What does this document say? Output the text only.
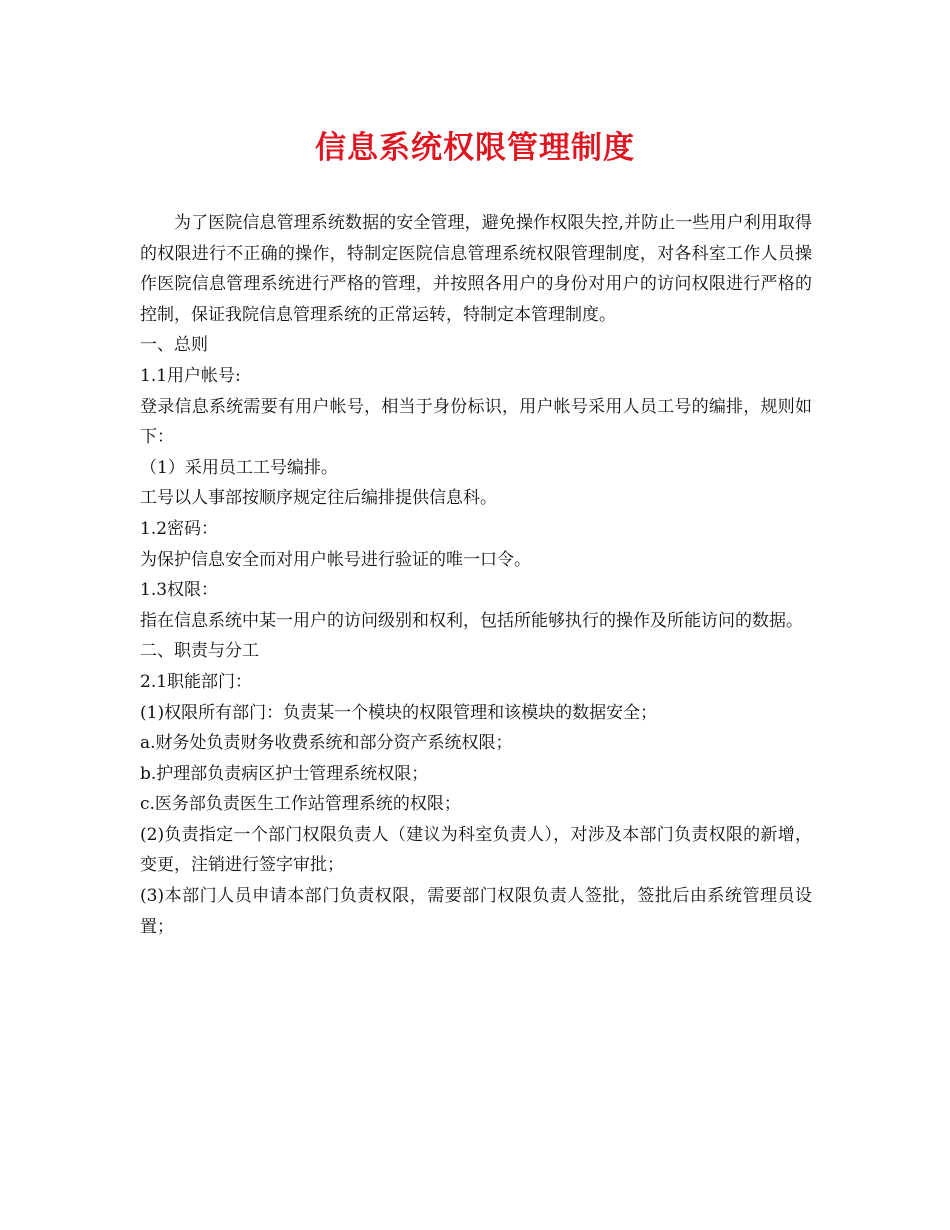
信息系统权限管理制度

为了医院信息管理系统数据的安全管理，避免操作权限失控,并防止一些用户利用取得的权限进行不正确的操作，特制定医院信息管理系统权限管理制度，对各科室工作人员操作医院信息管理系统进行严格的管理，并按照各用户的身份对用户的访问权限进行严格的控制，保证我院信息管理系统的正常运转，特制定本管理制度。

一、总则

1.1用户帐号:

登录信息系统需要有用户帐号，相当于身份标识，用户帐号采用人员工号的编排，规则如下：

（1）采用员工工号编排。

工号以人事部按顺序规定往后编排提供信息科。

1.2密码：

为保护信息安全而对用户帐号进行验证的唯一口令。

1.3权限：

指在信息系统中某一用户的访问级别和权利，包括所能够执行的操作及所能访问的数据。

二、职责与分工

2.1职能部门：

(1)权限所有部门：负责某一个模块的权限管理和该模块的数据安全；

a.财务处负责财务收费系统和部分资产系统权限；

b.护理部负责病区护士管理系统权限；

c.医务部负责医生工作站管理系统的权限；

(2)负责指定一个部门权限负责人（建议为科室负责人），对涉及本部门负责权限的新增，变更，注销进行签字审批；

(3)本部门人员申请本部门负责权限，需要部门权限负责人签批，签批后由系统管理员设置；
